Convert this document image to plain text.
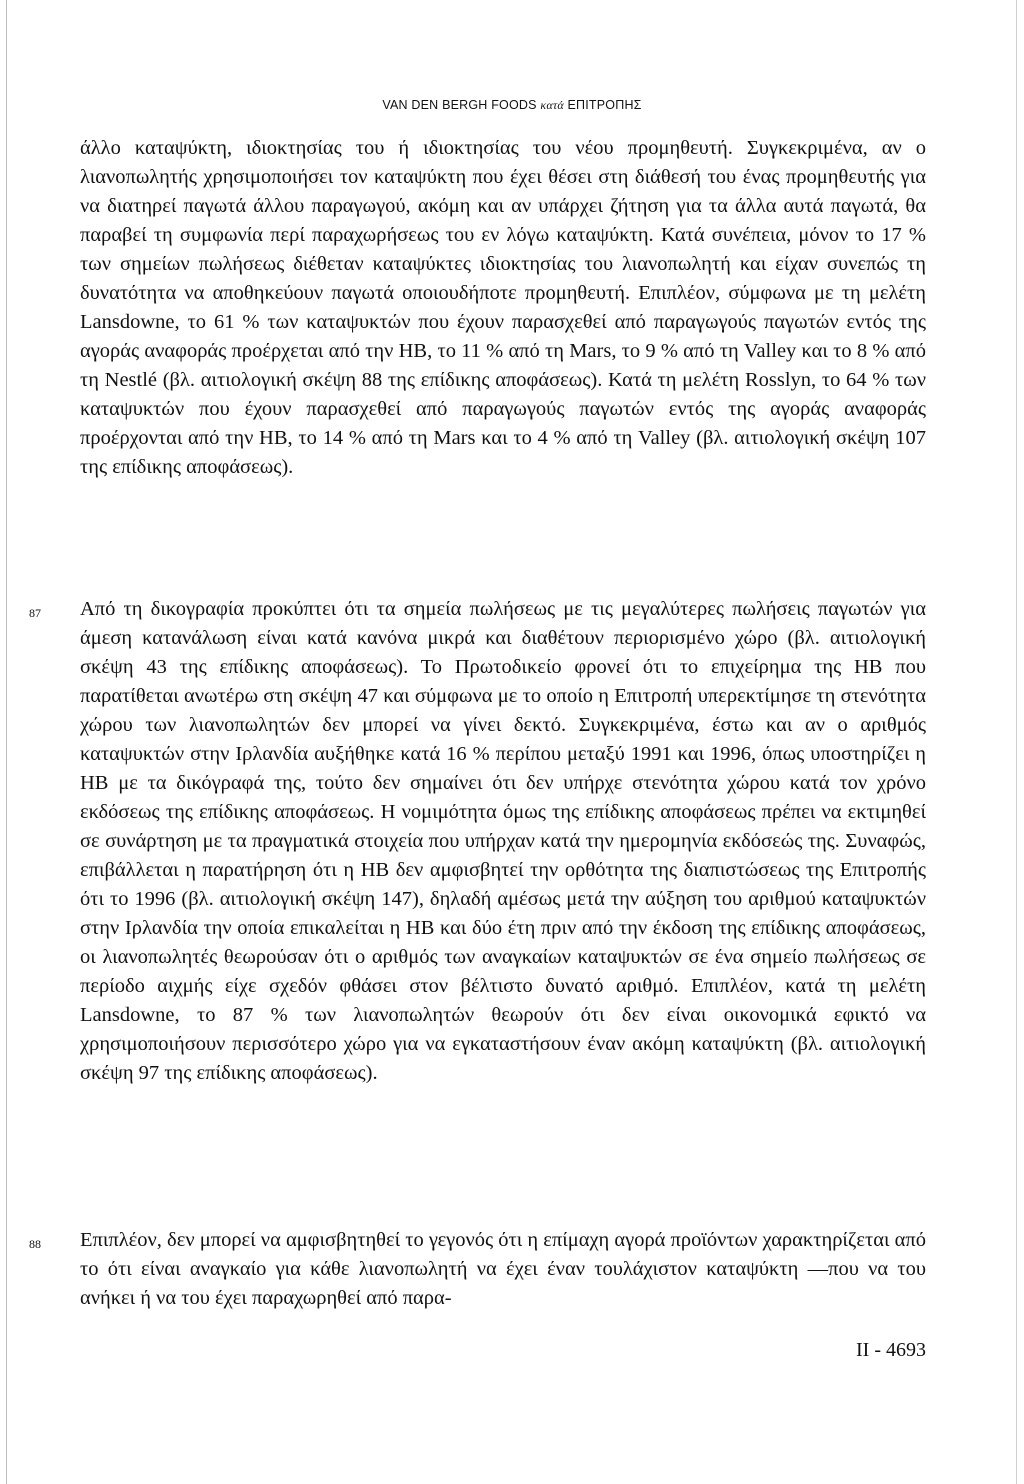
VAN DEN BERGH FOODS κατά ΕΠΙΤΡΟΠΗΣ

άλλο καταψύκτη, ιδιοκτησίας του ή ιδιοκτησίας του νέου προμηθευτή. Συγκεκριμένα, αν ο λιανοπωλητής χρησιμοποιήσει τον καταψύκτη που έχει θέσει στη διάθεσή του ένας προμηθευτής για να διατηρεί παγωτά άλλου παραγωγού, ακόμη και αν υπάρχει ζήτηση για τα άλλα αυτά παγωτά, θα παραβεί τη συμφωνία περί παραχωρήσεως του εν λόγω καταψύκτη. Κατά συνέπεια, μόνον το 17 % των σημείων πωλήσεως διέθεταν καταψύκτες ιδιοκτησίας του λιανοπωλητή και είχαν συνεπώς τη δυνατότητα να αποθηκεύουν παγωτά οποιουδήποτε προμηθευτή. Επιπλέον, σύμφωνα με τη μελέτη Lansdowne, το 61 % των καταψυκτών που έχουν παρασχεθεί από παραγωγούς παγωτών εντός της αγοράς αναφοράς προέρχεται από την HB, το 11 % από τη Mars, το 9 % από τη Valley και το 8 % από τη Nestlé (βλ. αιτιολογική σκέψη 88 της επίδικης αποφάσεως). Κατά τη μελέτη Rosslyn, το 64 % των καταψυκτών που έχουν παρασχεθεί από παραγωγούς παγωτών εντός της αγοράς αναφοράς προέρχονται από την HB, το 14 % από τη Mars και το 4 % από τη Valley (βλ. αιτιολογική σκέψη 107 της επίδικης αποφάσεως).

87 Από τη δικογραφία προκύπτει ότι τα σημεία πωλήσεως με τις μεγαλύτερες πωλήσεις παγωτών για άμεση κατανάλωση είναι κατά κανόνα μικρά και διαθέτουν περιορισμένο χώρο (βλ. αιτιολογική σκέψη 43 της επίδικης αποφάσεως). Το Πρωτοδικείο φρονεί ότι το επιχείρημα της HB που παρατίθεται ανωτέρω στη σκέψη 47 και σύμφωνα με το οποίο η Επιτροπή υπερεκτίμησε τη στενότητα χώρου των λιανοπωλητών δεν μπορεί να γίνει δεκτό. Συγκεκριμένα, έστω και αν ο αριθμός καταψυκτών στην Ιρλανδία αυξήθηκε κατά 16 % περίπου μεταξύ 1991 και 1996, όπως υποστηρίζει η HB με τα δικόγραφά της, τούτο δεν σημαίνει ότι δεν υπήρχε στενότητα χώρου κατά τον χρόνο εκδόσεως της επίδικης αποφάσεως. Η νομιμότητα όμως της επίδικης αποφάσεως πρέπει να εκτιμηθεί σε συνάρτηση με τα πραγματικά στοιχεία που υπήρχαν κατά την ημερομηνία εκδόσεώς της. Συναφώς, επιβάλλεται η παρατήρηση ότι η HB δεν αμφισβητεί την ορθότητα της διαπιστώσεως της Επιτροπής ότι το 1996 (βλ. αιτιολογική σκέψη 147), δηλαδή αμέσως μετά την αύξηση του αριθμού καταψυκτών στην Ιρλανδία την οποία επικαλείται η HB και δύο έτη πριν από την έκδοση της επίδικης αποφάσεως, οι λιανοπωλητές θεωρούσαν ότι ο αριθμός των αναγκαίων καταψυκτών σε ένα σημείο πωλήσεως σε περίοδο αιχμής είχε σχεδόν φθάσει στον βέλτιστο δυνατό αριθμό. Επιπλέον, κατά τη μελέτη Lansdowne, το 87 % των λιανοπωλητών θεωρούν ότι δεν είναι οικονομικά εφικτό να χρησιμοποιήσουν περισσότερο χώρο για να εγκαταστήσουν έναν ακόμη καταψύκτη (βλ. αιτιολογική σκέψη 97 της επίδικης αποφάσεως).

88 Επιπλέον, δεν μπορεί να αμφισβητηθεί το γεγονός ότι η επίμαχη αγορά προϊόντων χαρακτηρίζεται από το ότι είναι αναγκαίο για κάθε λιανοπωλητή να έχει έναν τουλάχιστον καταψύκτη —που να του ανήκει ή να του έχει παραχωρηθεί από παρα-

II - 4693
